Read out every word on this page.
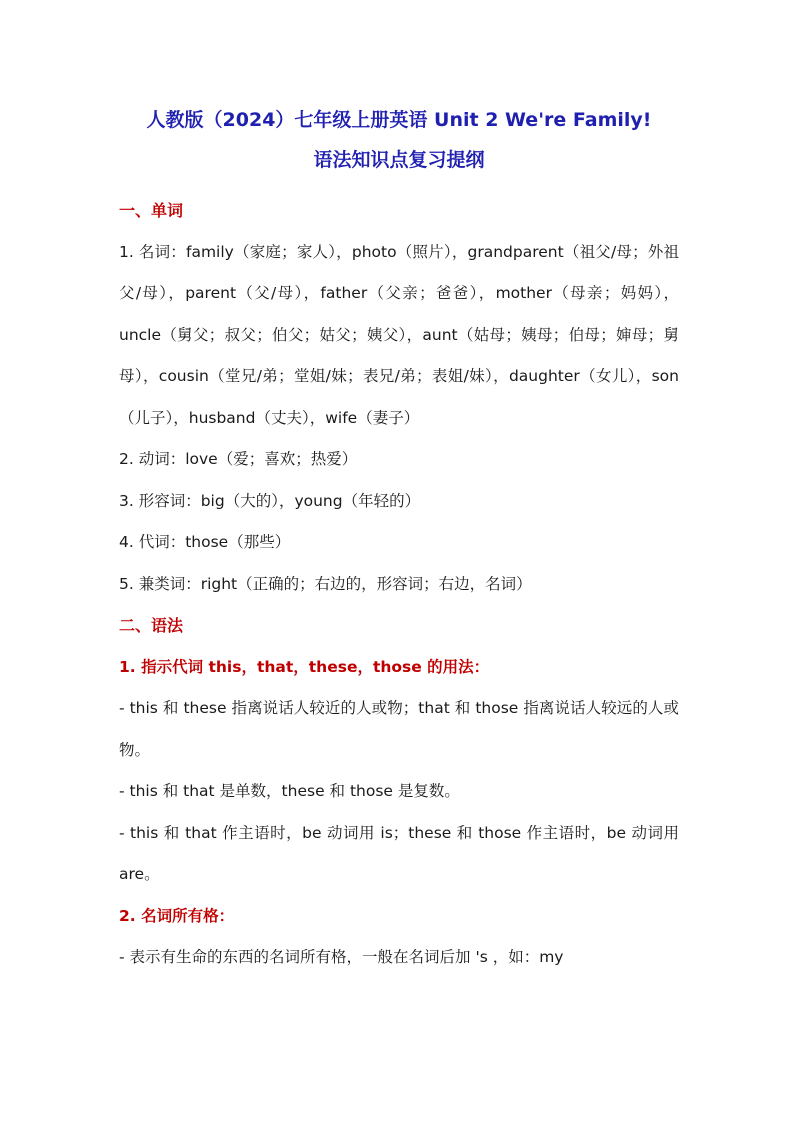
人教版（2024）七年级上册英语 Unit 2 We're Family!
语法知识点复习提纲
一、单词

1. 名词：family（家庭；家人），photo（照片），grandparent（祖父/母；外祖父/母），parent（父/母），father（父亲；爸爸），mother（母亲；妈妈），uncle（舅父；叔父；伯父；姑父；姨父），aunt（姑母；姨母；伯母；婶母；舅母），cousin（堂兄/弟；堂姐/妹；表兄/弟；表姐/妹），daughter（女儿），son（儿子），husband（丈夫），wife（妻子）

2. 动词：love（爱；喜欢；热爱）

3. 形容词：big（大的），young（年轻的）

4. 代词：those（那些）

5. 兼类词：right（正确的；右边的，形容词；右边，名词）

二、语法
1. 指示代词 this，that，these，those 的用法：

- this 和 these 指离说话人较近的人或物；that 和 those 指离说话人较远的人或物。

- this 和 that 是单数，these 和 those 是复数。

- this 和 that 作主语时，be 动词用 is；these 和 those 作主语时，be 动词用 are。

2. 名词所有格：

- 表示有生命的东西的名词所有格，一般在名词后加 's ，如：my
